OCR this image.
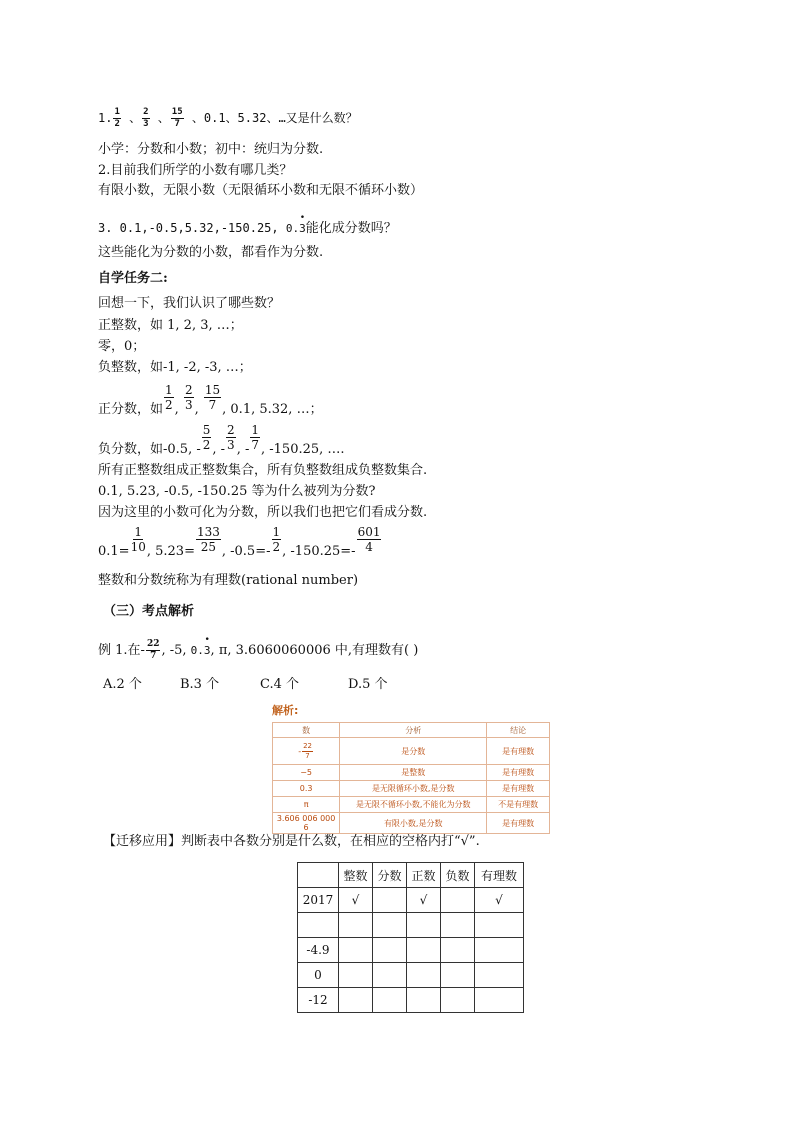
1. $\frac{1}{2}$ 、 $\frac{2}{3}$ 、 $\frac{15}{7}$ 、0.1、5.32、…又是什么数？
小学：分数和小数；初中：统归为分数.
2.目前我们所学的小数有哪几类？
有限小数，无限小数（无限循环小数和无限不循环小数）
3. 0.1,-0.5,5.32,-150.25, 0.• 3能化成分数吗？
这些能化为分数的小数，都看作为分数.
自学任务二:
回想一下，我们认识了哪些数？
正整数，如 1, 2, 3, …；
零，0；
负整数，如-1, -2, -3, …；
正分数，如 $\frac{1}{2}$ , $\frac{2}{3}$ , $\frac{15}{7}$ , 0.1, 5.32, …；
负分数，如-0.5, - $\frac{5}{2}$ , - $\frac{2}{3}$ , - $\frac{1}{7}$ , -150.25, ….
所有正整数组成正整数集合，所有负整数组成负整数集合.
0.1, 5.23, -0.5, -150.25 等为什么被列为分数?
因为这里的小数可化为分数，所以我们也把它们看成分数.
$0.1= \frac{1}{10}$ , $5.23= \frac{133}{25}$ , $-0.5=- \frac{1}{2}$ , $-150.25=- \frac{601}{4}$
整数和分数统称为有理数(rational number)
（三）考点解析
例 1.在- $\frac{22}{7}$ , -5, 0.• 3, π, 3.6060060006 中,有理数有( )
A.2 个	B.3 个	C.4 个	D.5 个
解析:
数	分析	结论
- $\frac{22}{7}$	是分数	是有理数
−5	是整数	是有理数
0.3	是无限循环小数,是分数	是有理数
π	是无限不循环小数,不能化为分数	不是有理数
3.606 006 000 6	有限小数,是分数	是有理数
【迁移应用】判断表中各数分别是什么数，在相应的空格内打“√”.
	整数	分数	正数	负数	有理数
2017	√		√		√

-4.9					
0					
-12					
